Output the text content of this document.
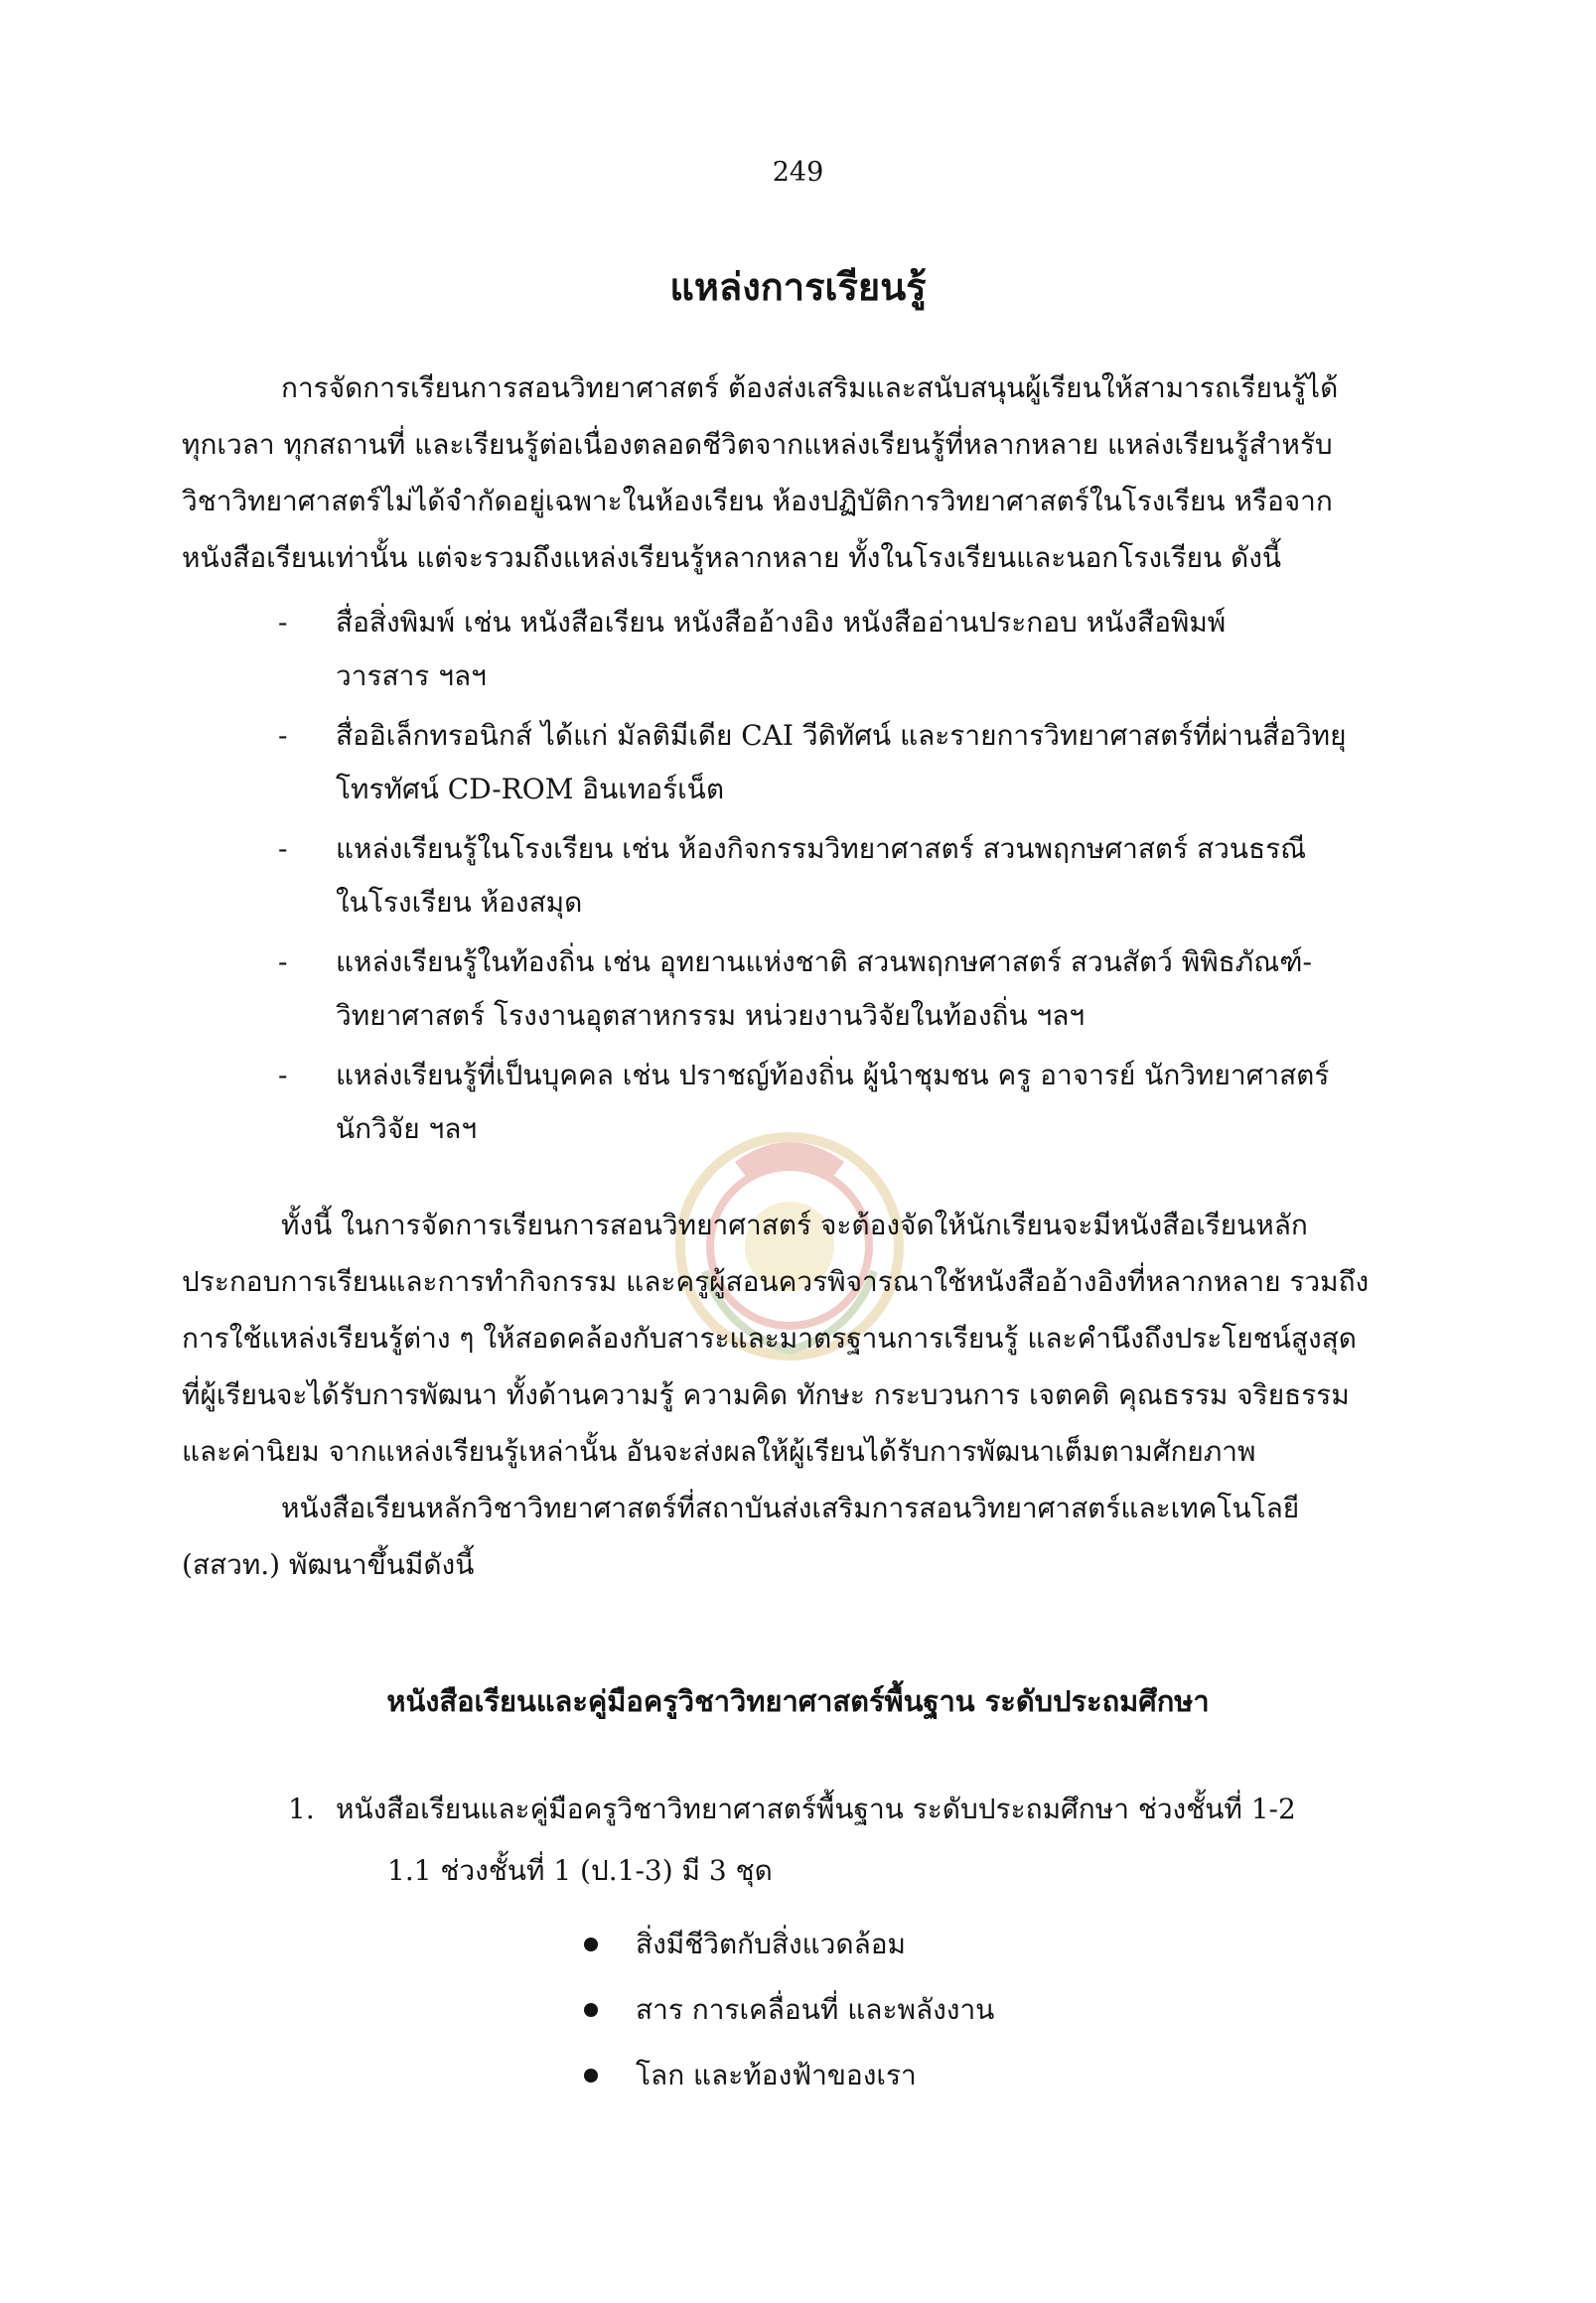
249
แหล่งการเรียนรู้

การจัดการเรียนการสอนวิทยาศาสตร์ ต้องส่งเสริมและสนับสนุนผู้เรียนให้สามารถเรียนรู้ได้
ทุกเวลา ทุกสถานที่ และเรียนรู้ต่อเนื่องตลอดชีวิตจากแหล่งเรียนรู้ที่หลากหลาย แหล่งเรียนรู้สำหรับ
วิชาวิทยาศาสตร์ไม่ได้จำกัดอยู่เฉพาะในห้องเรียน ห้องปฏิบัติการวิทยาศาสตร์ในโรงเรียน หรือจาก
หนังสือเรียนเท่านั้น แต่จะรวมถึงแหล่งเรียนรู้หลากหลาย ทั้งในโรงเรียนและนอกโรงเรียน ดังนี้

- สื่อสิ่งพิมพ์ เช่น หนังสือเรียน หนังสืออ้างอิง หนังสืออ่านประกอบ หนังสือพิมพ์
วารสาร ฯลฯ
- สื่ออิเล็กทรอนิกส์ ได้แก่ มัลติมีเดีย CAI วีดิทัศน์ และรายการวิทยาศาสตร์ที่ผ่านสื่อวิทยุ
โทรทัศน์ CD-ROM อินเทอร์เน็ต
- แหล่งเรียนรู้ในโรงเรียน เช่น ห้องกิจกรรมวิทยาศาสตร์ สวนพฤกษศาสตร์ สวนธรณี
ในโรงเรียน ห้องสมุด
- แหล่งเรียนรู้ในท้องถิ่น เช่น อุทยานแห่งชาติ สวนพฤกษศาสตร์ สวนสัตว์ พิพิธภัณฑ์-
วิทยาศาสตร์ โรงงานอุตสาหกรรม หน่วยงานวิจัยในท้องถิ่น ฯลฯ
- แหล่งเรียนรู้ที่เป็นบุคคล เช่น ปราชญ์ท้องถิ่น ผู้นำชุมชน ครู อาจารย์ นักวิทยาศาสตร์
นักวิจัย ฯลฯ

ทั้งนี้ ในการจัดการเรียนการสอนวิทยาศาสตร์ จะต้องจัดให้นักเรียนจะมีหนังสือเรียนหลัก
ประกอบการเรียนและการทำกิจกรรม และครูผู้สอนควรพิจารณาใช้หนังสืออ้างอิงที่หลากหลาย รวมถึง
การใช้แหล่งเรียนรู้ต่าง ๆ ให้สอดคล้องกับสาระและมาตรฐานการเรียนรู้ และคำนึงถึงประโยชน์สูงสุด
ที่ผู้เรียนจะได้รับการพัฒนา ทั้งด้านความรู้ ความคิด ทักษะ กระบวนการ เจตคติ คุณธรรม จริยธรรม
และค่านิยม จากแหล่งเรียนรู้เหล่านั้น อันจะส่งผลให้ผู้เรียนได้รับการพัฒนาเต็มตามศักยภาพ
หนังสือเรียนหลักวิชาวิทยาศาสตร์ที่สถาบันส่งเสริมการสอนวิทยาศาสตร์และเทคโนโลยี
(สสวท.) พัฒนาขึ้นมีดังนี้

หนังสือเรียนและคู่มือครูวิชาวิทยาศาสตร์พื้นฐาน ระดับประถมศึกษา
1. หนังสือเรียนและคู่มือครูวิชาวิทยาศาสตร์พื้นฐาน ระดับประถมศึกษา ช่วงชั้นที่ 1-2
1.1 ช่วงชั้นที่ 1 (ป.1-3) มี 3 ชุด
สิ่งมีชีวิตกับสิ่งแวดล้อม
สาร การเคลื่อนที่ และพลังงาน
โลก และท้องฟ้าของเรา
